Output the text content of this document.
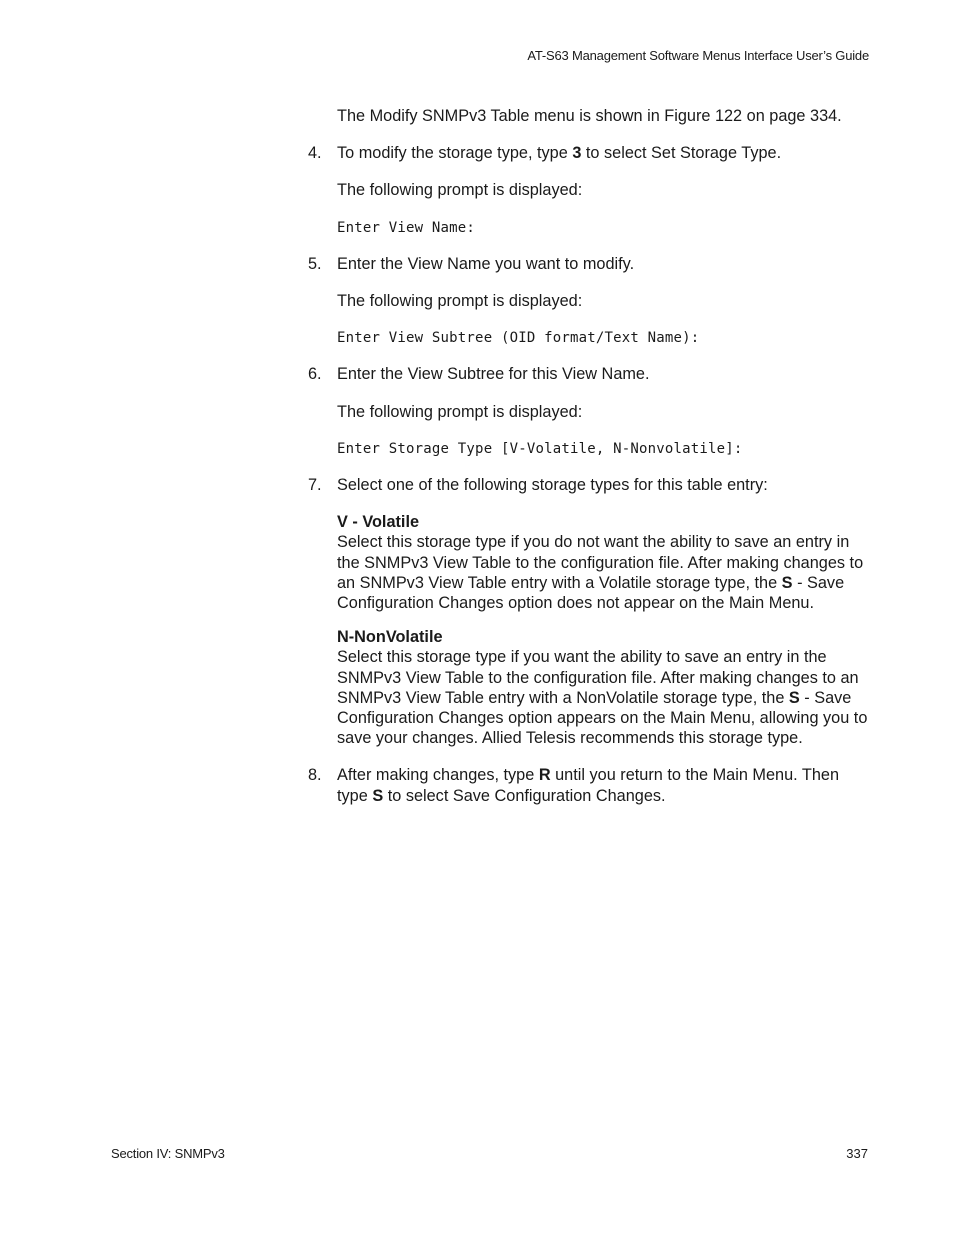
AT-S63 Management Software Menus Interface User’s Guide

The Modify SNMPv3 Table menu is shown in Figure 122 on page 334.

4. To modify the storage type, type 3 to select Set Storage Type.

The following prompt is displayed:

Enter View Name:
5. Enter the View Name you want to modify.

The following prompt is displayed:

Enter View Subtree (OID format/Text Name):
6. Enter the View Subtree for this View Name.

The following prompt is displayed:

Enter Storage Type [V-Volatile, N-Nonvolatile]:
7. Select one of the following storage types for this table entry:
V - Volatile
Select this storage type if you do not want the ability to save an entry in the SNMPv3 View Table to the configuration file. After making changes to an SNMPv3 View Table entry with a Volatile storage type, the S - Save Configuration Changes option does not appear on the Main Menu.
N-NonVolatile
Select this storage type if you want the ability to save an entry in the SNMPv3 View Table to the configuration file. After making changes to an SNMPv3 View Table entry with a NonVolatile storage type, the S - Save Configuration Changes option appears on the Main Menu, allowing you to save your changes. Allied Telesis recommends this storage type.
8. After making changes, type R until you return to the Main Menu. Then type S to select Save Configuration Changes.
Section IV: SNMPv3	337
